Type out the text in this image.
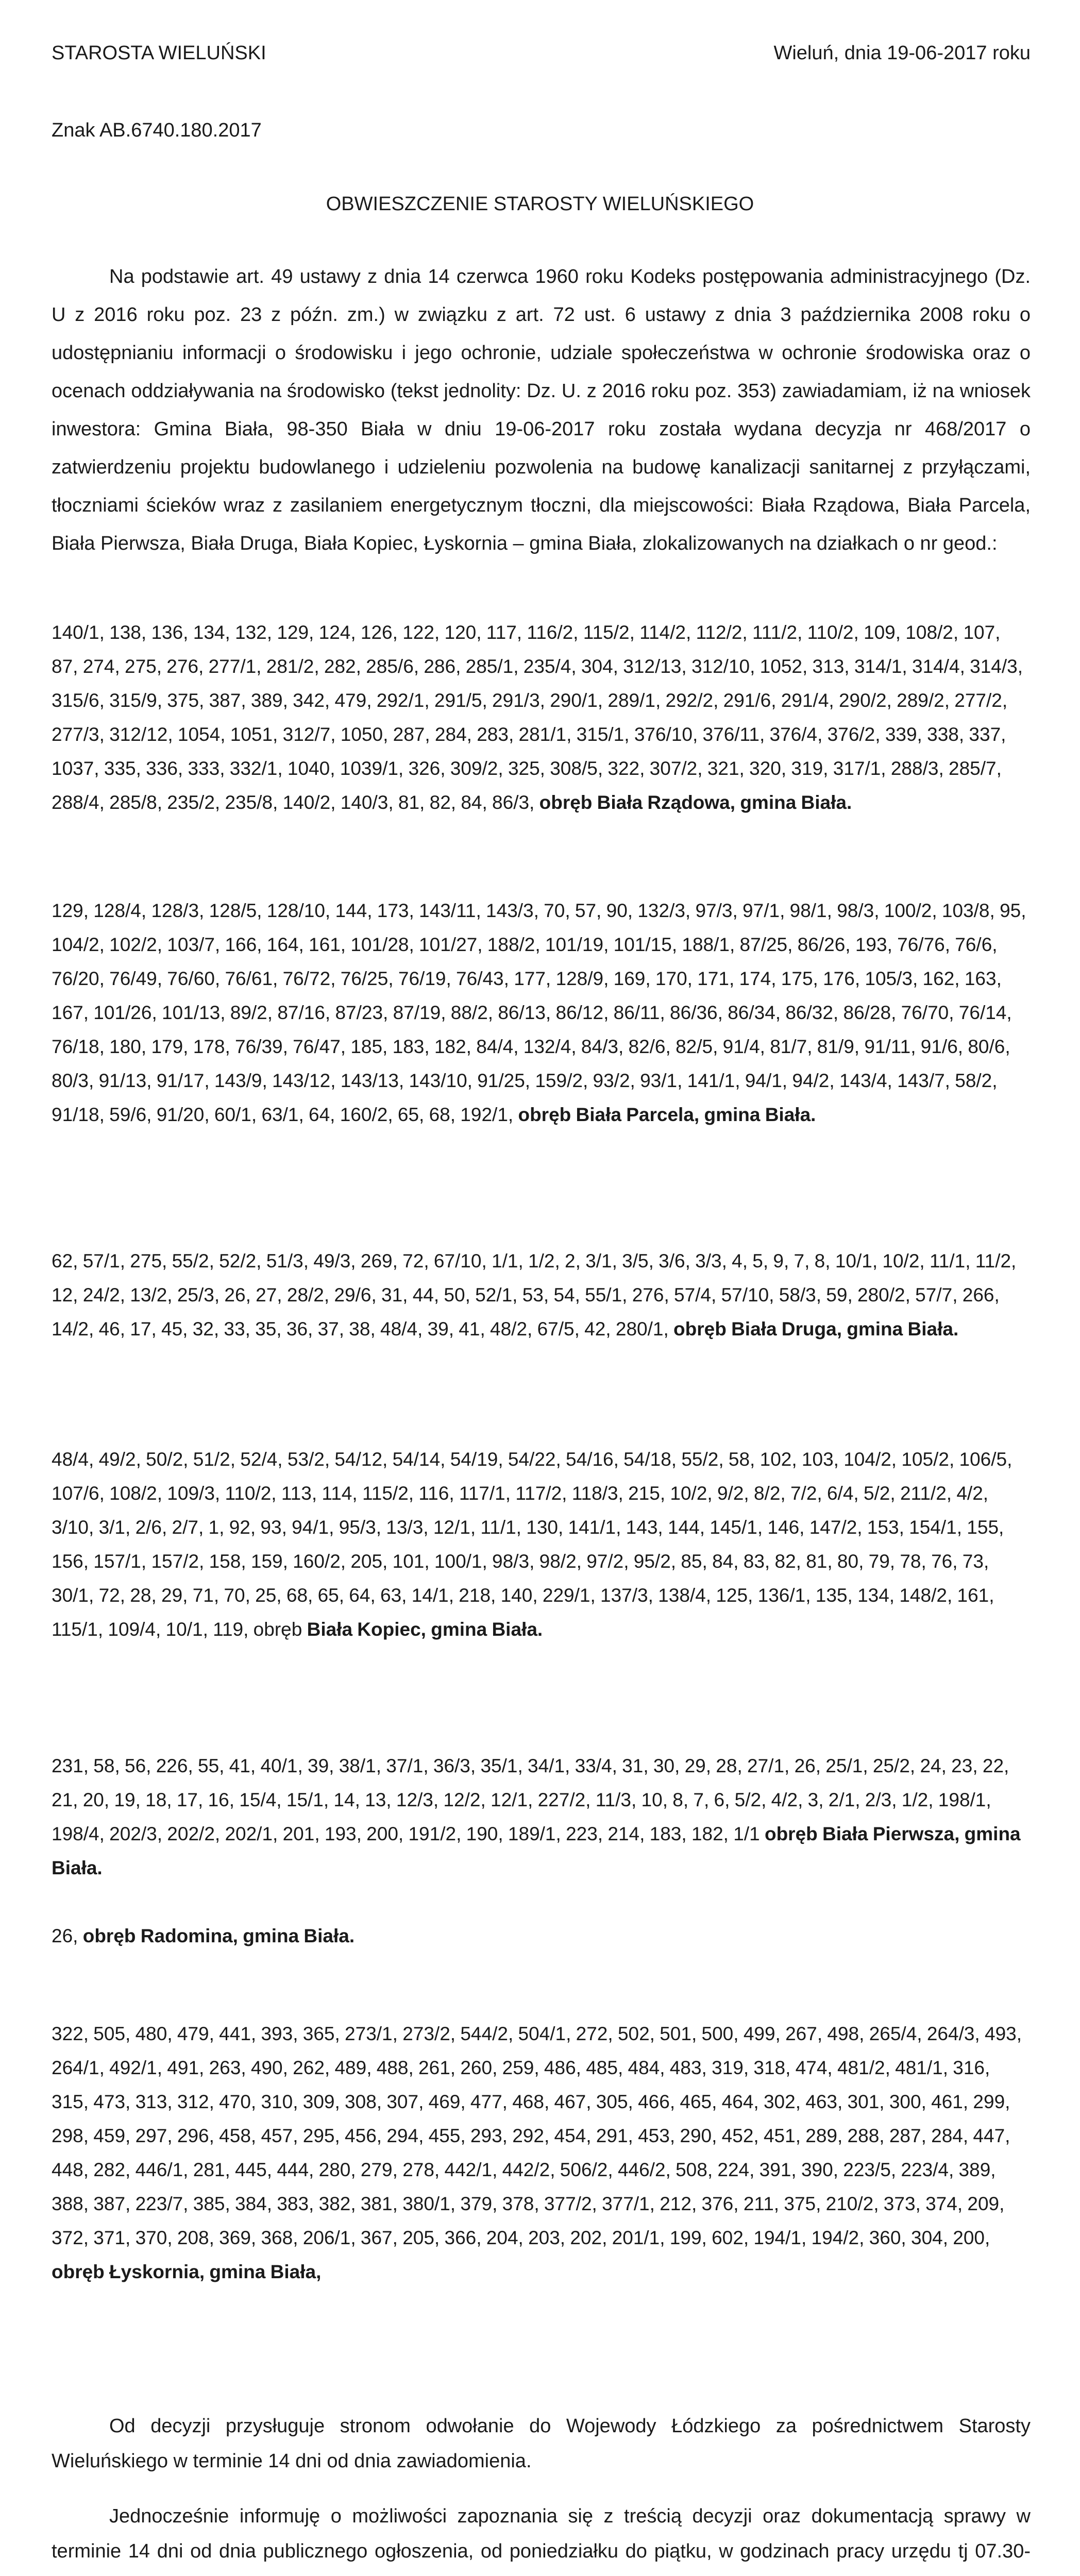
STAROSTA WIELUŃSKI	Wieluń, dnia 19-06-2017 roku
Znak AB.6740.180.2017
OBWIESZCZENIE STAROSTY WIELUŃSKIEGO
Na podstawie art. 49 ustawy z dnia 14 czerwca 1960 roku Kodeks postępowania administracyjnego (Dz. U z 2016 roku poz. 23 z późn. zm.) w związku z art. 72 ust. 6 ustawy z dnia 3 października 2008 roku o udostępnianiu informacji o środowisku i jego ochronie, udziale społeczeństwa w ochronie środowiska oraz o ocenach oddziaływania na środowisko (tekst jednolity: Dz. U. z 2016 roku poz. 353) zawiadamiam, iż na wniosek inwestora: Gmina Biała, 98-350 Biała w dniu 19-06-2017 roku została wydana decyzja nr 468/2017 o zatwierdzeniu projektu budowlanego i udzieleniu pozwolenia na budowę kanalizacji sanitarnej z przyłączami, tłoczniami ścieków wraz z zasilaniem energetycznym tłoczni, dla miejscowości: Biała Rządowa, Biała Parcela, Biała Pierwsza, Biała Druga, Biała Kopiec, Łyskornia – gmina Biała, zlokalizowanych na działkach o nr geod.:
140/1, 138, 136, 134, 132, 129, 124, 126, 122, 120, 117, 116/2, 115/2, 114/2, 112/2, 111/2, 110/2, 109, 108/2, 107, 87, 274, 275, 276, 277/1, 281/2, 282, 285/6, 286, 285/1, 235/4, 304, 312/13, 312/10, 1052, 313, 314/1, 314/4, 314/3, 315/6, 315/9, 375, 387, 389, 342, 479, 292/1, 291/5, 291/3, 290/1, 289/1, 292/2, 291/6, 291/4, 290/2, 289/2, 277/2, 277/3, 312/12, 1054, 1051, 312/7, 1050, 287, 284, 283, 281/1, 315/1, 376/10, 376/11, 376/4, 376/2, 339, 338, 337, 1037, 335, 336, 333, 332/1, 1040, 1039/1, 326, 309/2, 325, 308/5, 322, 307/2, 321, 320, 319, 317/1, 288/3, 285/7, 288/4, 285/8, 235/2, 235/8, 140/2, 140/3, 81, 82, 84, 86/3, obręb Biała Rządowa, gmina Biała.
129, 128/4, 128/3, 128/5, 128/10, 144, 173, 143/11, 143/3, 70, 57, 90, 132/3, 97/3, 97/1, 98/1, 98/3, 100/2, 103/8, 95, 104/2, 102/2, 103/7, 166, 164, 161, 101/28, 101/27, 188/2, 101/19, 101/15, 188/1, 87/25, 86/26, 193, 76/76, 76/6, 76/20, 76/49, 76/60, 76/61, 76/72, 76/25, 76/19, 76/43, 177, 128/9, 169, 170, 171, 174, 175, 176, 105/3, 162, 163, 167, 101/26, 101/13, 89/2, 87/16, 87/23, 87/19, 88/2, 86/13, 86/12, 86/11, 86/36, 86/34, 86/32, 86/28, 76/70, 76/14, 76/18, 180, 179, 178, 76/39, 76/47, 185, 183, 182, 84/4, 132/4, 84/3, 82/6, 82/5, 91/4, 81/7, 81/9, 91/11, 91/6, 80/6, 80/3, 91/13, 91/17, 143/9, 143/12, 143/13, 143/10, 91/25, 159/2, 93/2, 93/1, 141/1, 94/1, 94/2, 143/4, 143/7, 58/2, 91/18, 59/6, 91/20, 60/1, 63/1, 64, 160/2, 65, 68, 192/1, obręb Biała Parcela, gmina Biała.
62, 57/1, 275, 55/2, 52/2, 51/3, 49/3, 269, 72, 67/10, 1/1, 1/2, 2, 3/1, 3/5, 3/6, 3/3, 4, 5, 9, 7, 8, 10/1, 10/2, 11/1, 11/2, 12, 24/2, 13/2, 25/3, 26, 27, 28/2, 29/6, 31, 44, 50, 52/1, 53, 54, 55/1, 276, 57/4, 57/10, 58/3, 59, 280/2, 57/7, 266, 14/2, 46, 17, 45, 32, 33, 35, 36, 37, 38, 48/4, 39, 41, 48/2, 67/5, 42, 280/1, obręb Biała Druga, gmina Biała.
48/4, 49/2, 50/2, 51/2, 52/4, 53/2, 54/12, 54/14, 54/19, 54/22, 54/16, 54/18, 55/2, 58, 102, 103, 104/2, 105/2, 106/5, 107/6, 108/2, 109/3, 110/2, 113, 114, 115/2, 116, 117/1, 117/2, 118/3, 215, 10/2, 9/2, 8/2, 7/2, 6/4, 5/2, 211/2, 4/2, 3/10, 3/1, 2/6, 2/7, 1, 92, 93, 94/1, 95/3, 13/3, 12/1, 11/1, 130, 141/1, 143, 144, 145/1, 146, 147/2, 153, 154/1, 155, 156, 157/1, 157/2, 158, 159, 160/2, 205, 101, 100/1, 98/3, 98/2, 97/2, 95/2, 85, 84, 83, 82, 81, 80, 79, 78, 76, 73, 30/1, 72, 28, 29, 71, 70, 25, 68, 65, 64, 63, 14/1, 218, 140, 229/1, 137/3, 138/4, 125, 136/1, 135, 134, 148/2, 161, 115/1, 109/4, 10/1, 119, obręb Biała Kopiec, gmina Biała.
231, 58, 56, 226, 55, 41, 40/1, 39, 38/1, 37/1, 36/3, 35/1, 34/1, 33/4, 31, 30, 29, 28, 27/1, 26, 25/1, 25/2, 24, 23, 22, 21, 20, 19, 18, 17, 16, 15/4, 15/1, 14, 13, 12/3, 12/2, 12/1, 227/2, 11/3, 10, 8, 7, 6, 5/2, 4/2, 3, 2/1, 2/3, 1/2, 198/1, 198/4, 202/3, 202/2, 202/1, 201, 193, 200, 191/2, 190, 189/1, 223, 214, 183, 182, 1/1 obręb Biała Pierwsza, gmina Biała.
26, obręb Radomina, gmina Biała.
322, 505, 480, 479, 441, 393, 365, 273/1, 273/2, 544/2, 504/1, 272, 502, 501, 500, 499, 267, 498, 265/4, 264/3, 493, 264/1, 492/1, 491, 263, 490, 262, 489, 488, 261, 260, 259, 486, 485, 484, 483, 319, 318, 474, 481/2, 481/1, 316, 315, 473, 313, 312, 470, 310, 309, 308, 307, 469, 477, 468, 467, 305, 466, 465, 464, 302, 463, 301, 300, 461, 299, 298, 459, 297, 296, 458, 457, 295, 456, 294, 455, 293, 292, 454, 291, 453, 290, 452, 451, 289, 288, 287, 284, 447, 448, 282, 446/1, 281, 445, 444, 280, 279, 278, 442/1, 442/2, 506/2, 446/2, 508, 224, 391, 390, 223/5, 223/4, 389, 388, 387, 223/7, 385, 384, 383, 382, 381, 380/1, 379, 378, 377/2, 377/1, 212, 376, 211, 375, 210/2, 373, 374, 209, 372, 371, 370, 208, 369, 368, 206/1, 367, 205, 366, 204, 203, 202, 201/1, 199, 602, 194/1, 194/2, 360, 304, 200,
obręb Łyskornia, gmina Biała,
Od decyzji przysługuje stronom odwołanie do Wojewody Łódzkiego za pośrednictwem Starosty Wieluńskiego w terminie 14 dni od dnia zawiadomienia.
Jednocześnie informuję o możliwości zapoznania się z treścią decyzji oraz dokumentacją sprawy w terminie 14 dni od dnia publicznego ogłoszenia, od poniedziałku do piątku, w godzinach pracy urzędu tj 07.30-
